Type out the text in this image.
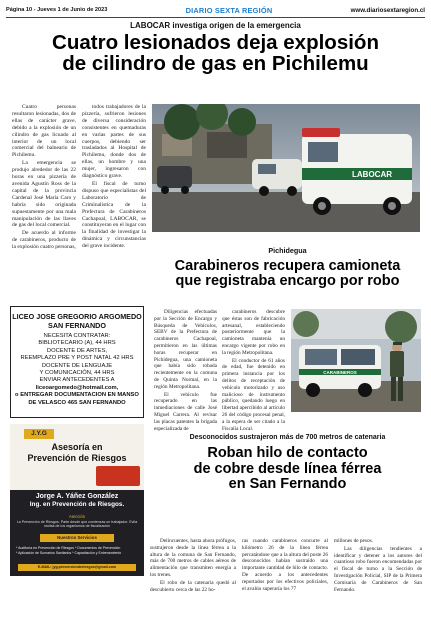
Página 10 - Jueves 1 de Junio de 2023	DIARIO SEXTA REGIÓN	www.diariosextaregion.cl
LABOCAR investiga origen de la emergencia
Cuatro lesionados deja explosión
de cilindro de gas en Pichilemu

Cuatro personas resultaron lesionadas, dos de ellas de carácter grave, debido a la explosión de un cilindro de gas licuado al interior de un local comercial del balneario de Pichilemu.

La emergencia se produjo alrededor de las 22 horas en una pizzería de avenida Agustín Ross de la capital de la provincia Cardenal José María Caro y habría sido originada supuestamente por una mala manipulación de las llaves de gas del local comercial.

De acuerdo al informe de carabineros, producto de la explosión cuatro personas,

todos trabajadores de la pizzería, sufrieron lesiones de diversa consideración consistentes en quemaduras en varias partes de sus cuerpos, debiendo ser trasladados al Hospital de Pichilemu, donde dos de ellas, un hombre y una mujer, ingresaron con diagnóstico grave.

El fiscal de turno dispuso que especialistas del Laboratorio de Criminalística de la Prefectura de Carabineros Cachapoal, LABOCAR, se constituyeran en el lugar con la finalidad de investigar la dinámica y circunstancias del grave incidente.

LABOCAR
Pichidegua
Carabineros recupera camioneta
que registraba encargo por robo

Diligencias efectuadas por la Sección de Encargo y Búsqueda de Vehículos, SEBV de la Prefectura de carabineros Cachapoal, permitieron en las últimas horas recuperar en Pichidegua, una camioneta que había sido robada recientemente en la comuna de Quinta Normal, en la región Metropolitana.

El vehículo fue recuperado en las inmediaciones de calle José Miguel Carrera. Al revisar las placas patentes la brigada especializada de

carabineros descubre que éstas son de fabricación artesanal, estableciendo posteriormente que la camioneta mantenía un encargo vigente por robo en la región Metropolitana.

El conductor de 61 años de edad, fue detenido en primera instancia por los delitos de receptación de vehículo motorizado y uso malicioso de instrumento público, quedando luego en libertad apercibido al artículo 26 del código procesal penal, a la espera de ser citado a la Fiscalía Local.

CARABINEROS
LICEO JOSE GREGORIO ARGOMEDO
SAN FERNANDO
NECESITA CONTRATAR:
BIBLIOTECARIO (A), 44 HRS
DOCENTE DE ARTES,
REEMPLAZO PRE Y POST NATAL 42 HRS
DOCENTE DE LENGUAJE
Y COMUNICACIÓN, 44 HRS
ENVIAR ANTECEDENTES A
liceoargomedo@hotmail.com,
o ENTREGAR DOCUMENTACION EN MANSO
DE VELASCO 465 SAN FERNANDO
J.Y.G
Asesoría en
Prevención de Riesgos
Jorge A. Yáñez González
Ing. en Prevención de Riesgos.
Atención
La Prevención de Riesgos. Parte desde que comienzas un trabajador. Evita multas de los organismos de fiscalización
Nuestros Servicios
* Auditoría en Prevención de Riesgos * Documentos de Prevención
* Aplicación de Sumarios Sanitarios * Capacitación y Entrenamiento
E-MAIL: jyg.prevencionderiesgos@gmail.com
Desconocidos sustrajeron más de 700 metros de catenaria
Roban hilo de contacto
de cobre desde línea férrea
en San Fernando

Delincuentes, hasta ahora prófugos, sustrajeron desde la línea férrea a la altura de la comuna de San Fernando, más de 700 metros de cables aéreos de alimentación que transmiten energía a los trenes.

El robo de la catenaria quedó al descubierto cerca de las 22 ho-

ras cuando carabineros concurre al kilómetro 26 de la línea férrea percatándose que a la altura del poste 26 desconocidos habían sustraído una importante cantidad de hilo de contacto. De acuerdo a los antecedentes reportados por los efectivos policiales, el avalúo superaría los 77

millones de pesos.

Las diligencias tendientes a identificar y detener a los autores del cuantioso robo fueron encomendadas por el fiscal de turno a la Sección de Investigación Policial, SIP de la Primera Comisaría de Carabineros de San Fernando.
